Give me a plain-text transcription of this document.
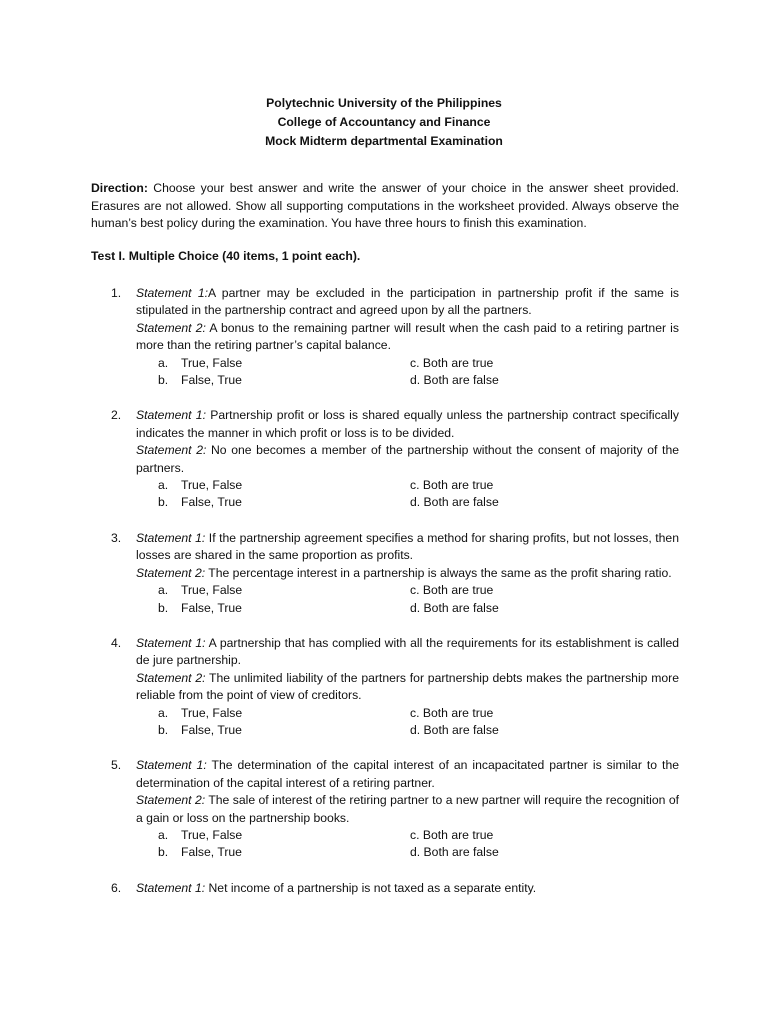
Polytechnic University of the Philippines
College of Accountancy and Finance
Mock Midterm departmental Examination
Direction: Choose your best answer and write the answer of your choice in the answer sheet provided. Erasures are not allowed. Show all supporting computations in the worksheet provided. Always observe the human’s best policy during the examination. You have three hours to finish this examination.
Test I. Multiple Choice (40 items, 1 point each).
1.	Statement 1:A partner may be excluded in the participation in partnership profit if the same is stipulated in the partnership contract and agreed upon by all the partners.
Statement 2: A bonus to the remaining partner will result when the cash paid to a retiring partner is more than the retiring partner’s capital balance.
a. True, False	c. Both are true
b. False, True	d. Both are false
2.	Statement 1: Partnership profit or loss is shared equally unless the partnership contract specifically indicates the manner in which profit or loss is to be divided.
Statement 2: No one becomes a member of the partnership without the consent of majority of the partners.
a. True, False	c. Both are true
b. False, True	d. Both are false
3.	Statement 1: If the partnership agreement specifies a method for sharing profits, but not losses, then losses are shared in the same proportion as profits.
Statement 2: The percentage interest in a partnership is always the same as the profit sharing ratio.
a. True, False	c. Both are true
b. False, True	d. Both are false
4.	Statement 1: A partnership that has complied with all the requirements for its establishment is called de jure partnership.
Statement 2: The unlimited liability of the partners for partnership debts makes the partnership more reliable from the point of view of creditors.
a. True, False	c. Both are true
b. False, True	d. Both are false
5.	Statement 1: The determination of the capital interest of an incapacitated partner is similar to the determination of the capital interest of a retiring partner.
Statement 2: The sale of interest of the retiring partner to a new partner will require the recognition of a gain or loss on the partnership books.
a. True, False	c. Both are true
b. False, True	d. Both are false
6.	Statement 1: Net income of a partnership is not taxed as a separate entity.
